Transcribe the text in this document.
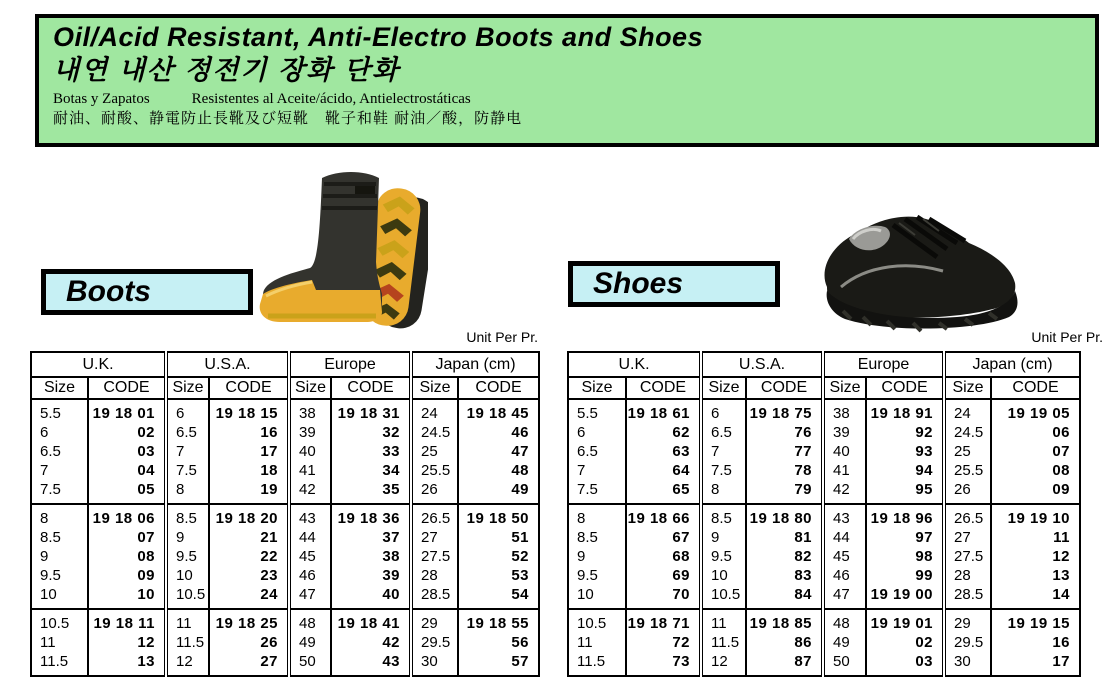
Oil/Acid Resistant, Anti-Electro Boots and Shoes
내연 내산 정전기 장화 단화
Botas y Zapatos	Resistentes al Aceite/ácido, Antielectrostáticas
耐油、耐酸、静電防止長靴及び短靴　靴子和鞋 耐油／酸，防静电
Boots	Shoes
Unit Per Pr.	Unit Per Pr.
U.K.		U.S.A.		Europe		Japan (cm)	
Size	CODE	Size	CODE	Size	CODE	Size	CODE
5.5	19 18 01	6	19 18 15	38	19 18 31	24	19 18 45
6	02	6.5	16	39	32	24.5	46
6.5	03	7	17	40	33	25	47
7	04	7.5	18	41	34	25.5	48
7.5	05	8	19	42	35	26	49
8	19 18 06	8.5	19 18 20	43	19 18 36	26.5	19 18 50
8.5	07	9	21	44	37	27	51
9	08	9.5	22	45	38	27.5	52
9.5	09	10	23	46	39	28	53
10	10	10.5	24	47	40	28.5	54
10.5	19 18 11	11	19 18 25	48	19 18 41	29	19 18 55
11	12	11.5	26	49	42	29.5	56
11.5	13	12	27	50	43	30	57
U.K.		U.S.A.		Europe		Japan (cm)	
Size	CODE	Size	CODE	Size	CODE	Size	CODE
5.5	19 18 61	6	19 18 75	38	19 18 91	24	19 19 05
6	62	6.5	76	39	92	24.5	06
6.5	63	7	77	40	93	25	07
7	64	7.5	78	41	94	25.5	08
7.5	65	8	79	42	95	26	09
8	19 18 66	8.5	19 18 80	43	19 18 96	26.5	19 19 10
8.5	67	9	81	44	97	27	11
9	68	9.5	82	45	98	27.5	12
9.5	69	10	83	46	99	28	13
10	70	10.5	84	47	19 19 00	28.5	14
10.5	19 18 71	11	19 18 85	48	19 19 01	29	19 19 15
11	72	11.5	86	49	02	29.5	16
11.5	73	12	87	50	03	30	17
